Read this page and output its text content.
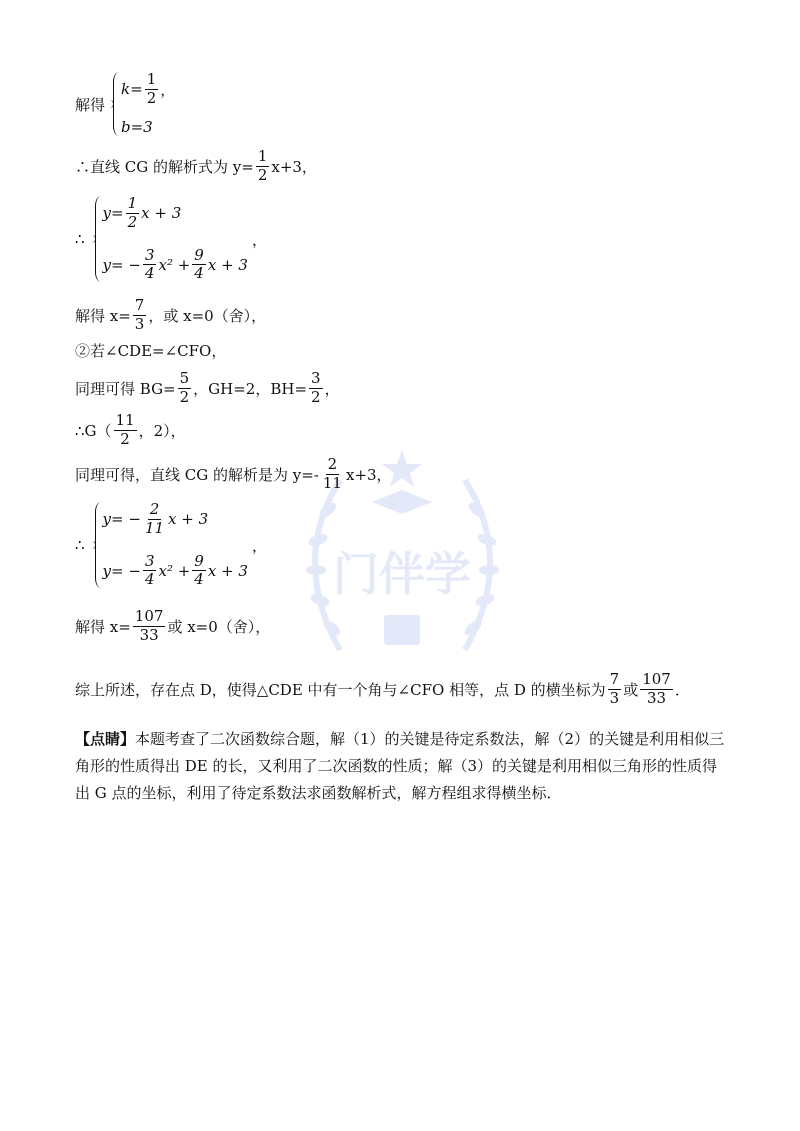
门伴学
解得
$k= \frac{1}{2}$ ，
b=3
∴直线 CG 的解析式为 $y= \frac{1}{2} x+3$，
∴
$y= \frac{1}{2}$ x + 3
$y= - \frac{3}{4} x^2 + \frac{9}{4}$ x + 3
，
解得 $x= \frac{7}{3}$ ，或 x=0（舍），
②若∠CDE=∠CFO，
同理可得 $BG= \frac{5}{2}$ ，GH=2，$BH= \frac{3}{2}$ ，
∴G（ $\frac{11}{2}$ ，2），
同理可得，直线 CG 的解析是为 $y=- \frac{2}{11} x+3$，
∴
$y= - \frac{2}{11}$ x + 3
$y= - \frac{3}{4} x^2 + \frac{9}{4}$ x + 3
，
解得 $x= \frac{107}{33}$ 或 x=0（舍），
综上所述，存在点 D，使得△CDE 中有一个角与∠CFO 相等，点 D 的横坐标为 $\frac{7}{3}$ 或 $\frac{107}{33}$ ．
【点睛】本题考查了二次函数综合题，解（1）的关键是待定系数法，解（2）的关键是利用相似三角形的性质得出 DE 的长，又利用了二次函数的性质；解（3）的关键是利用相似三角形的性质得出 G 点的坐标，利用了待定系数法求函数解析式，解方程组求得横坐标．
